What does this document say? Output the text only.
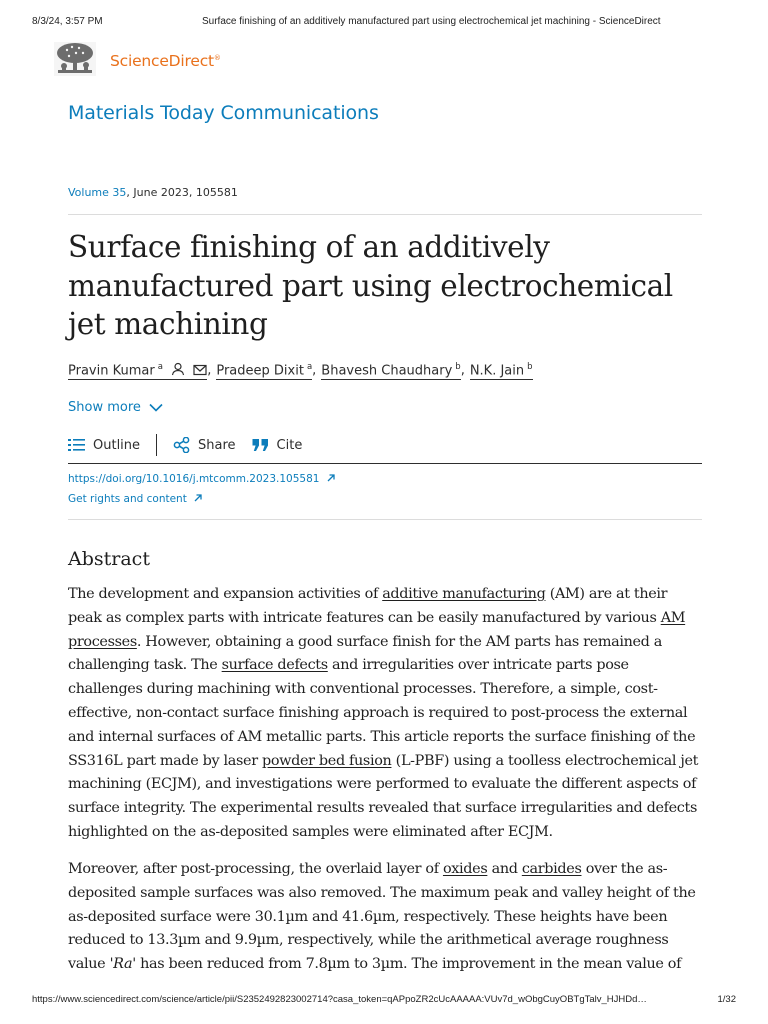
8/3/24, 3:57 PM	Surface finishing of an additively manufactured part using electrochemical jet machining - ScienceDirect
ScienceDirect®
Materials Today Communications
Volume 35, June 2023, 105581
Surface finishing of an additively manufactured part using electrochemical jet machining
Pravin Kumar $^a$	, Pradeep Dixit $^a$ , Bhavesh Chaudhary $^b$ , N.K. Jain $^b$
Show more
Outline	Share	Cite
https://doi.org/10.1016/j.mtcomm.2023.105581
Get rights and content
Abstract

The development and expansion activities of additive manufacturing (AM) are at their peak as complex parts with intricate features can be easily manufactured by various AM processes. However, obtaining a good surface finish for the AM parts has remained a challenging task. The surface defects and irregularities over intricate parts pose challenges during machining with conventional processes. Therefore, a simple, cost-effective, non-contact surface finishing approach is required to post-process the external and internal surfaces of AM metallic parts. This article reports the surface finishing of the SS316L part made by laser powder bed fusion (L-PBF) using a toolless electrochemical jet machining (ECJM), and investigations were performed to evaluate the different aspects of surface integrity. The experimental results revealed that surface irregularities and defects highlighted on the as-deposited samples were eliminated after ECJM.

Moreover, after post-processing, the overlaid layer of oxides and carbides over the as-deposited sample surfaces was also removed. The maximum peak and valley height of the as-deposited surface were 30.1µm and 41.6µm, respectively. These heights have been reduced to 13.3µm and 9.9µm, respectively, while the arithmetical average roughness value 'Ra' has been reduced from 7.8µm to 3µm. The improvement in the mean value of

https://www.sciencedirect.com/science/article/pii/S2352492823002714?casa_token=qAPpoZR2cUcAAAAA:VUv7d_wObgCuyOBTgTalv_HJHDd…	1/32
